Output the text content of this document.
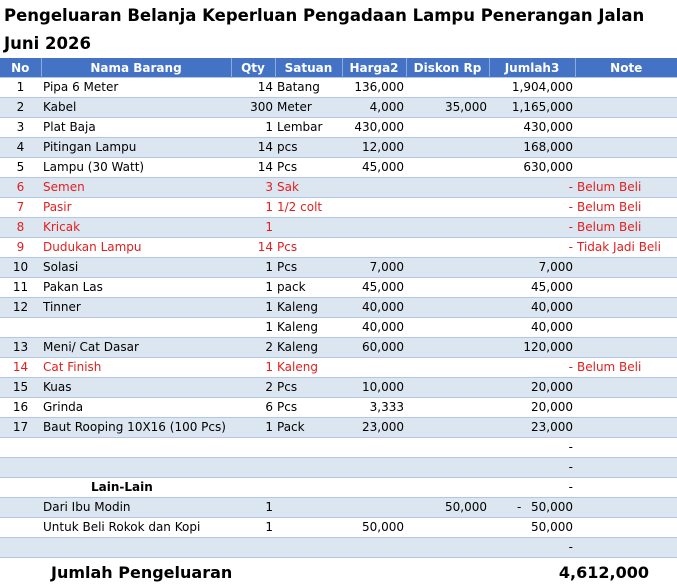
Pengeluaran Belanja Keperluan Pengadaan Lampu Penerangan Jalan
Juni 2026
No	Nama Barang	Qty	Satuan	Harga2	Diskon Rp	Jumlah3	Note	
1	Pipa 6 Meter	14	Batang	136,000		1,904,000		
2	Kabel	300	Meter	4,000	35,000	1,165,000		
3	Plat Baja	1	Lembar	430,000		430,000		
4	Pitingan Lampu	14	pcs	12,000		168,000		
5	Lampu (30 Watt)	14	Pcs	45,000		630,000		
6	Semen	3	Sak			-	Belum Beli	
7	Pasir	1	1/2 colt			-	Belum Beli	
8	Kricak	1				-	Belum Beli	
9	Dudukan Lampu	14	Pcs			-	Tidak Jadi Beli	
10	Solasi	1	Pcs	7,000		7,000		
11	Pakan Las	1	pack	45,000		45,000		
12	Tinner	1	Kaleng	40,000		40,000		
		1	Kaleng	40,000		40,000		
13	Meni/ Cat Dasar	2	Kaleng	60,000		120,000		
14	Cat Finish	1	Kaleng			-	Belum Beli	
15	Kuas	2	Pcs	10,000		20,000		
16	Grinda	6	Pcs	3,333		20,000		
17	Baut Rooping 10X16 (100 Pcs)	1	Pack	23,000		23,000		
						-		
						-		
	Lain-Lain					-		
	Dari Ibu Modin	1			50,000	- 50,000		
	Untuk Beli Rokok dan Kopi	1		50,000		50,000		
						-		
	Jumlah Pengeluaran				4,612,000			
